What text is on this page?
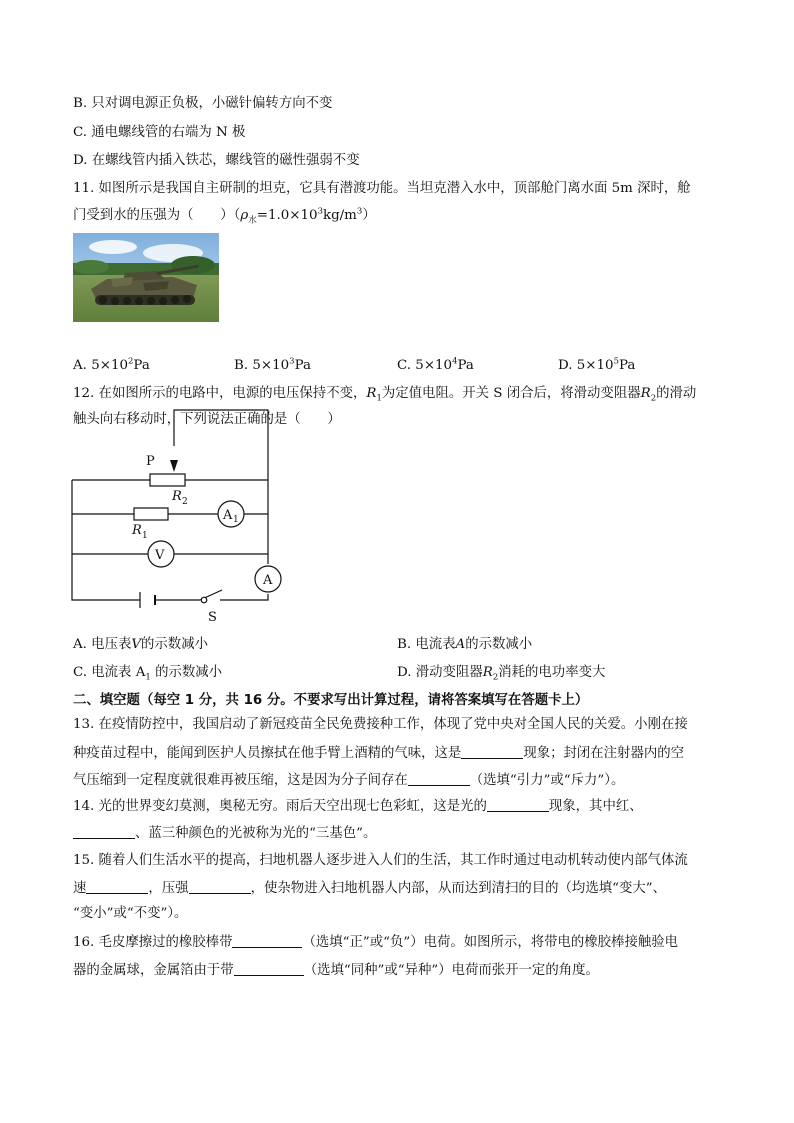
B. 只对调电源正负极，小磁针偏转方向不变
C. 通电螺线管的右端为 N 极
D. 在螺线管内插入铁芯，螺线管的磁性强弱不变
11. 如图所示是我国自主研制的坦克，它具有潜渡功能。当坦克潜入水中，顶部舱门离水面 5m 深时，舱
门受到水的压强为（　　）$(\rho_水=1.0\times 10^3kg/m^3)$
A. $5\times 10^2Pa$	B. $5\times 10^3Pa$	C. $5\times 10^4Pa$	D. $5\times 10^5Pa$
12. 在如图所示的电路中，电源的电压保持不变，$R_1$为定值电阻。开关 S 闭合后，将滑动变阻器$R_2$的滑动
触头向右移动时，下列说法正确的是（　　）
P
R 2
R 1
A 1
V
A
S
A. 电压表V的示数减小	B. 电流表A的示数减小
C. 电流表 $A_1$ 的示数减小	D. 滑动变阻器$R_2$消耗的电功率变大
二、填空题（每空 1 分，共 16 分。不要求写出计算过程，请将答案填写在答题卡上）
13. 在疫情防控中，我国启动了新冠疫苗全民免费接种工作，体现了党中央对全国人民的关爱。小刚在接
种疫苗过程中，能闻到医护人员擦拭在他手臂上酒精的气味，这是	现象；封闭在注射器内的空
气压缩到一定程度就很难再被压缩，这是因为分子间存在	（选填“引力”或“斥力”）。
14. 光的世界变幻莫测，奥秘无穷。雨后天空出现七色彩虹，这是光的	现象，其中红、
、蓝三种颜色的光被称为光的“三基色”。
15. 随着人们生活水平的提高，扫地机器人逐步进入人们的生活，其工作时通过电动机转动使内部气体流
速	，压强	，使杂物进入扫地机器人内部，从而达到清扫的目的（均选填“变大”、
“变小”或“不变”）。
16. 毛皮摩擦过的橡胶棒带	（选填“正”或“负”）电荷。如图所示，将带电的橡胶棒接触验电
器的金属球，金属箔由于带	（选填“同种”或“异种”）电荷而张开一定的角度。
